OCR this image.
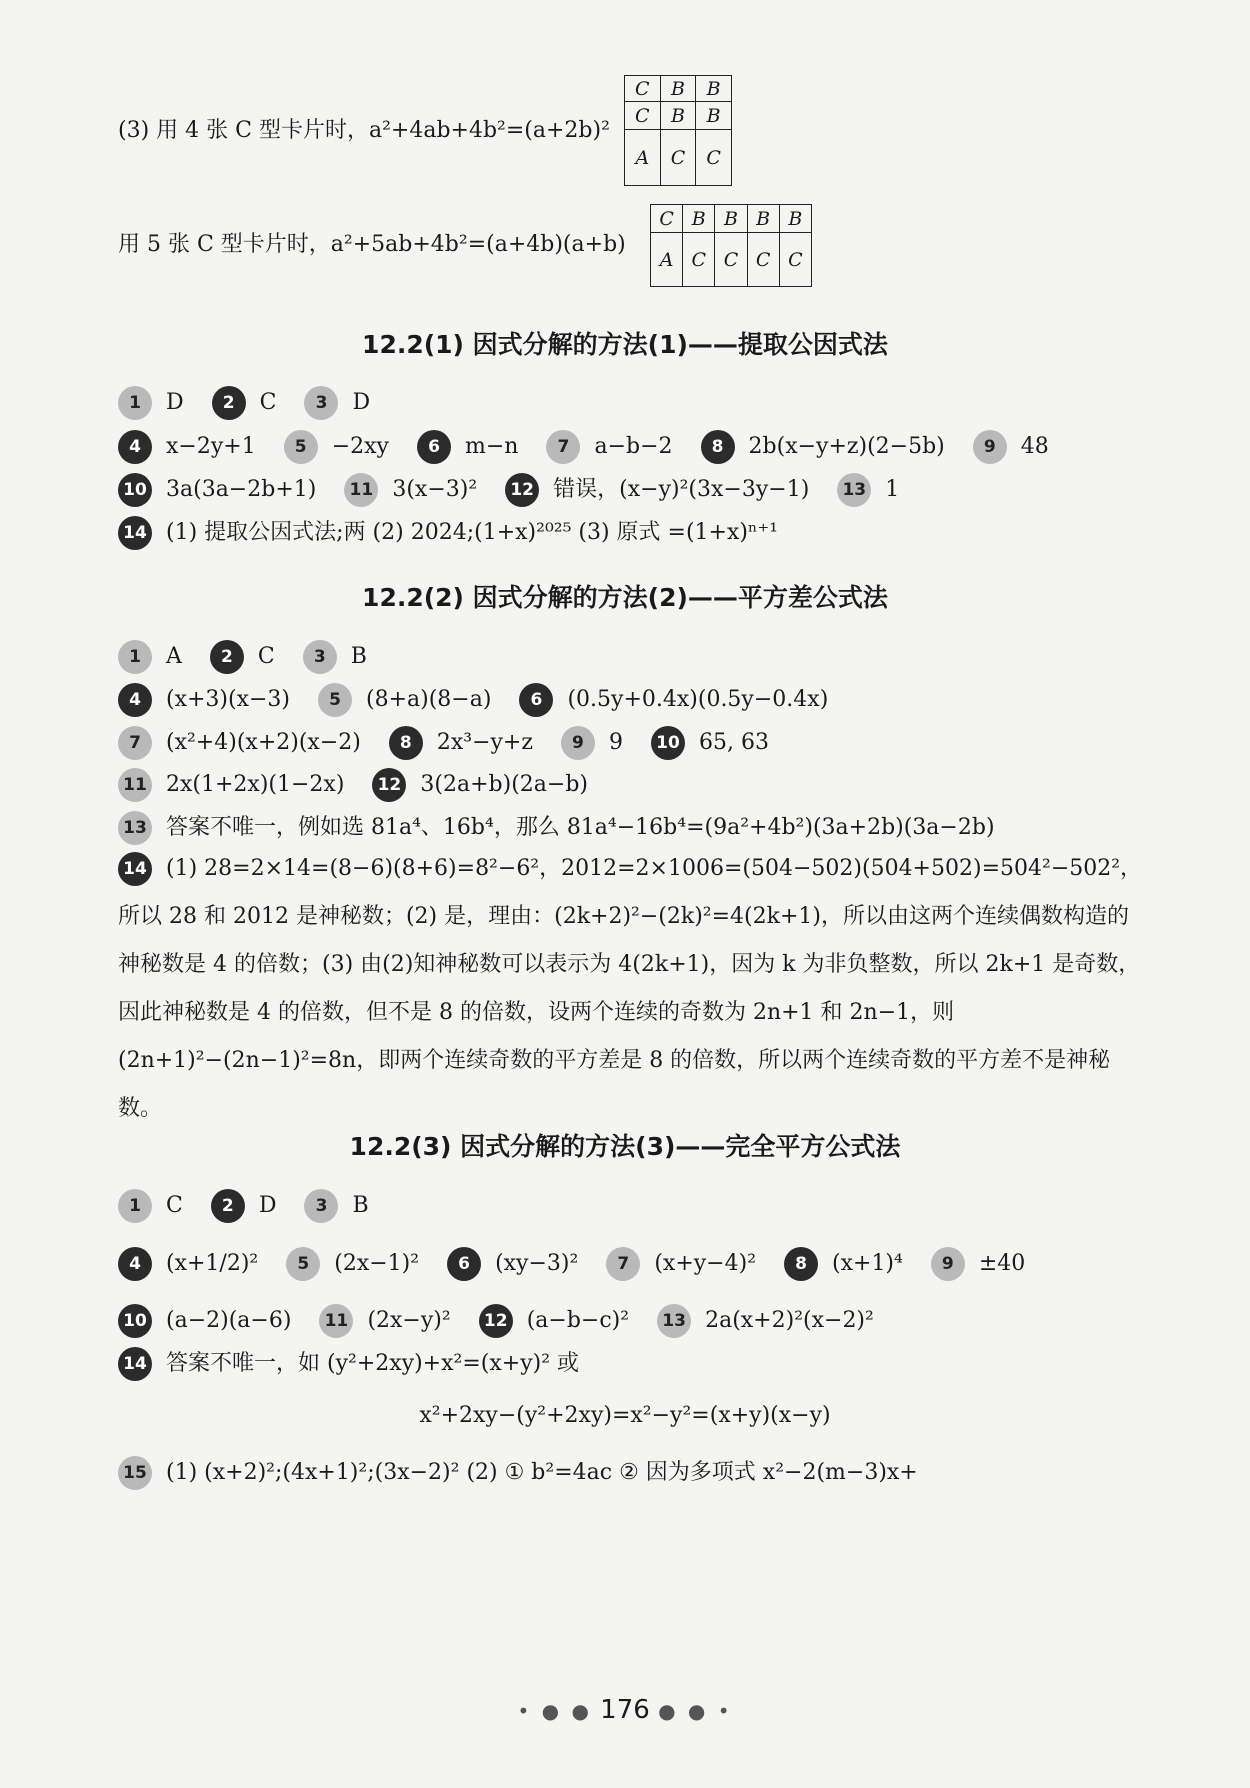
(3) 用 4 张 C 型卡片时，a²+4ab+4b²=(a+2b)²
C	B	B
C	B	B
A	C	C
用 5 张 C 型卡片时，a²+5ab+4b²=(a+4b)(a+b)
C	B	B	B	B
A	C	C	C	C
12.2(1) 因式分解的方法(1)——提取公因式法
1 D 2 C 3 D
4 x−2y+1 5 −2xy 6 m−n 7 a−b−2 8 2b(x−y+z)(2−5b) 9 48
10 3a(3a−2b+1) 11 3(x−3)² 12 错误，(x−y)²(3x−3y−1) 13 1
14 (1) 提取公因式法;两 (2) 2024;(1+x)²⁰²⁵ (3) 原式 =(1+x)ⁿ⁺¹
12.2(2) 因式分解的方法(2)——平方差公式法
1 A 2 C 3 B
4 (x+3)(x−3) 5 (8+a)(8−a) 6 (0.5y+0.4x)(0.5y−0.4x)
7 (x²+4)(x+2)(x−2) 8 2x³−y+z 9 9 10 65, 63
11 2x(1+2x)(1−2x) 12 3(2a+b)(2a−b)
13 答案不唯一，例如选 81a⁴、16b⁴，那么 81a⁴−16b⁴=(9a²+4b²)(3a+2b)(3a−2b)
14 (1) 28=2×14=(8−6)(8+6)=8²−6²，2012=2×1006=(504−502)(504+502)=504²−502²，所以 28 和 2012 是神秘数；(2) 是，理由：(2k+2)²−(2k)²=4(2k+1)，所以由这两个连续偶数构造的神秘数是 4 的倍数；(3) 由(2)知神秘数可以表示为 4(2k+1)，因为 k 为非负整数，所以 2k+1 是奇数，因此神秘数是 4 的倍数，但不是 8 的倍数，设两个连续的奇数为 2n+1 和 2n−1，则(2n+1)²−(2n−1)²=8n，即两个连续奇数的平方差是 8 的倍数，所以两个连续奇数的平方差不是神秘数。
12.2(3) 因式分解的方法(3)——完全平方公式法
1 C 2 D 3 B
4 (x+1/2)² 5 (2x−1)² 6 (xy−3)² 7 (x+y−4)² 8 (x+1)⁴ 9 ±40
10 (a−2)(a−6) 11 (2x−y)² 12 (a−b−c)² 13 2a(x+2)²(x−2)²
14 答案不唯一，如 (y²+2xy)+x²=(x+y)² 或
x²+2xy−(y²+2xy)=x²−y²=(x+y)(x−y)
15 (1) (x+2)²;(4x+1)²;(3x−2)² (2) ① b²=4ac ② 因为多项式 x²−2(m−3)x+
• ● ● 176 ● ● •
